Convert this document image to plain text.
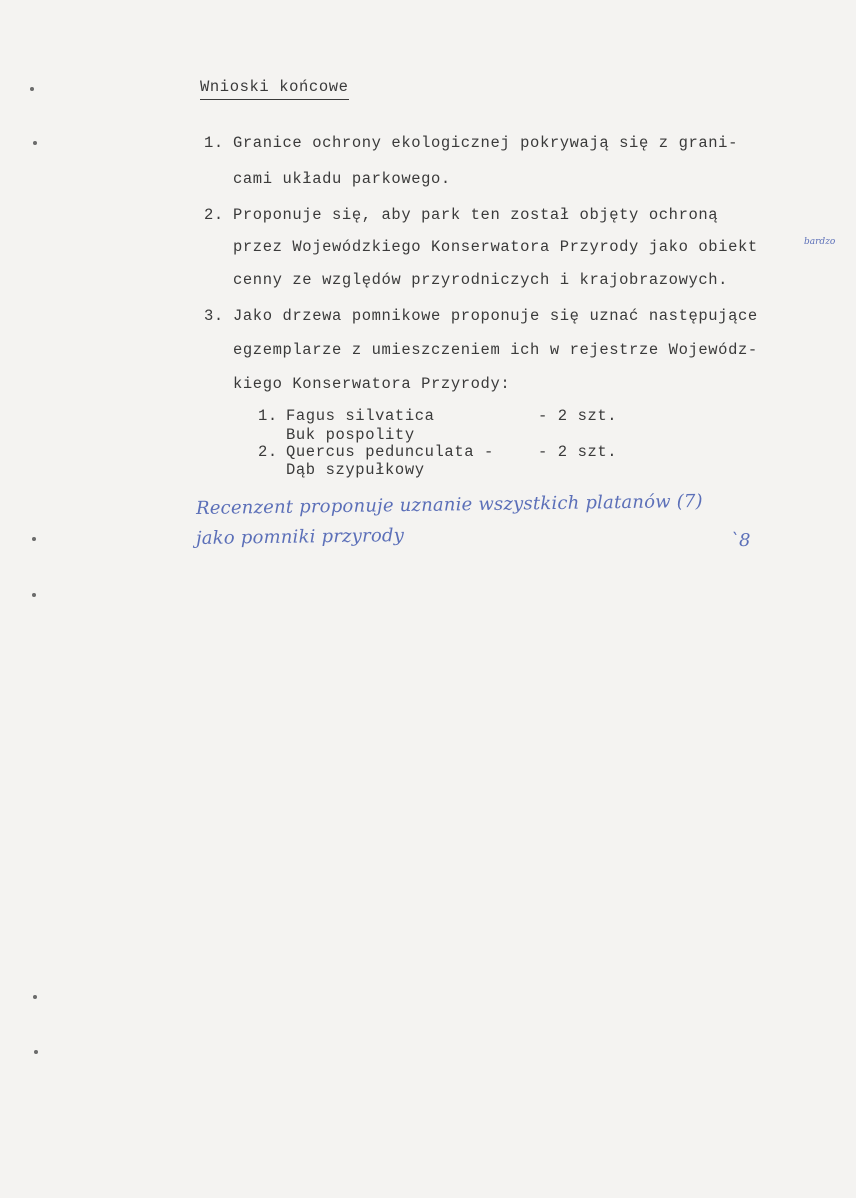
Wnioski końcowe
1. Granice ochrony ekologicznej pokrywają się z grani-
cami układu parkowego.
2. Proponuje się, aby park ten został objęty ochroną
przez Wojewódzkiego Konserwatora Przyrody jako obiekt
cenny ze względów przyrodniczych i krajobrazowych.
bardzo
3. Jako drzewa pomnikowe proponuje się uznać następujące
egzemplarze z umieszczeniem ich w rejestrze Wojewódz-
kiego Konserwatora Przyrody:
1. Fagus silvatica	- 2 szt.
Buk pospolity
2. Quercus pedunculata -	- 2 szt.
Dąb szypułkowy
Recenzent proponuje uznanie wszystkich platanów (7)
jako pomniki przyrody	`8
